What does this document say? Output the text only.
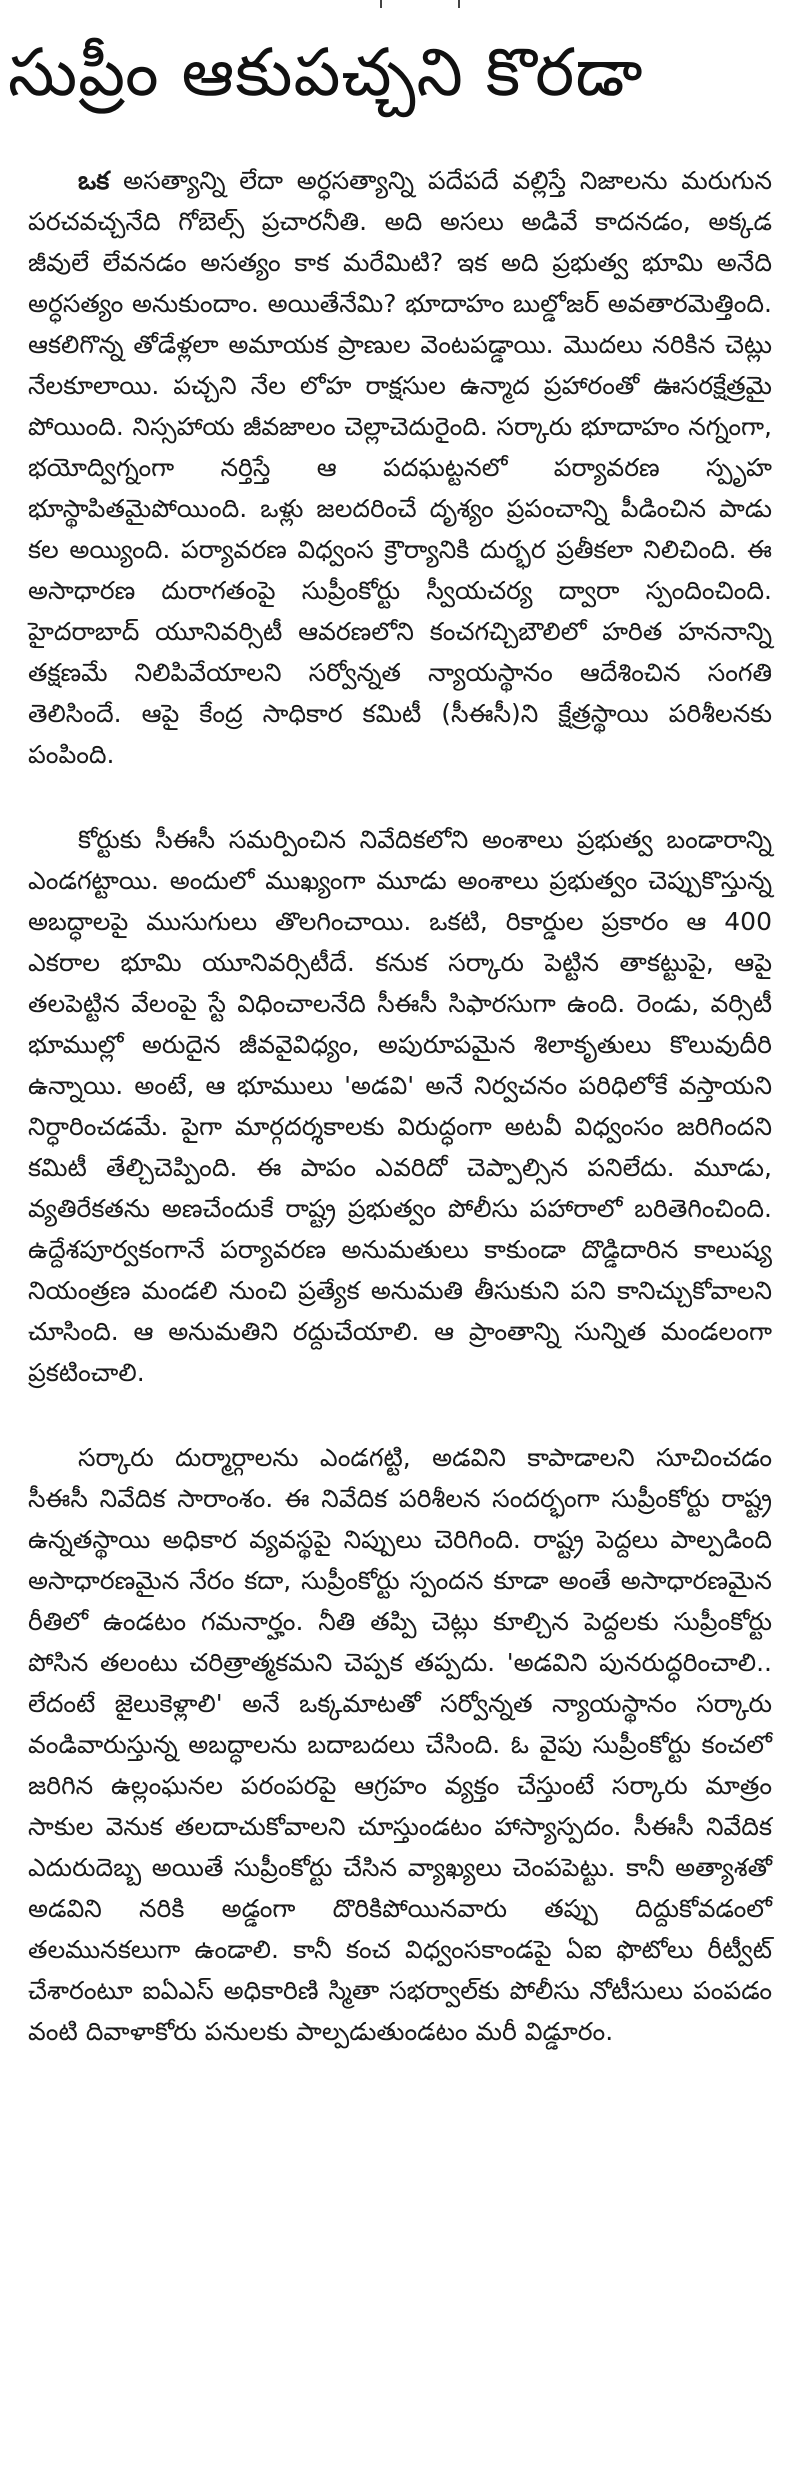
సుప్రీం ఆకుపచ్చని కొరడా

ఒక అసత్యాన్ని లేదా అర్ధసత్యాన్ని పదేపదే వల్లిస్తే నిజాలను మరుగున పరచవచ్చనేది గోబెల్స్ ప్రచారనీతి. అది అసలు అడివే కాదనడం, అక్కడ జీవులే లేవనడం అసత్యం కాక మరేమిటి? ఇక అది ప్రభుత్వ భూమి అనేది అర్ధసత్యం అనుకుందాం. అయితేనేమి? భూదాహం బుల్డోజర్ అవతారమెత్తింది. ఆకలిగొన్న తోడేళ్లలా అమాయక ప్రాణుల వెంటపడ్డాయి. మొదలు నరికిన చెట్లు నేలకూలాయి. పచ్చని నేల లోహ రాక్షసుల ఉన్మాద ప్రహారంతో ఊసరక్షేత్రమై పోయింది. నిస్సహాయ జీవజాలం చెల్లాచెదురైంది. సర్కారు భూదాహం నగ్నంగా, భయోద్విగ్నంగా నర్తిస్తే ఆ పదఘట్టనలో పర్యావరణ స్పృహ భూస్థాపితమైపోయింది. ఒళ్లు జలదరించే దృశ్యం ప్రపంచాన్ని పీడించిన పాడు కల అయ్యింది. పర్యావరణ విధ్వంస క్రౌర్యానికి దుర్భర ప్రతీకలా నిలిచింది. ఈ అసాధారణ దురాగతంపై సుప్రీంకోర్టు స్వీయచర్య ద్వారా స్పందించింది. హైదరాబాద్ యూనివర్సిటీ ఆవరణలోని కంచగచ్చిబౌలిలో హరిత హననాన్ని తక్షణమే నిలిపివేయాలని సర్వోన్నత న్యాయస్థానం ఆదేశించిన సంగతి తెలిసిందే. ఆపై కేంద్ర సాధికార కమిటీ (సీఈసీ)ని క్షేత్రస్థాయి పరిశీలనకు పంపింది.

కోర్టుకు సీఈసీ సమర్పించిన నివేదికలోని అంశాలు ప్రభుత్వ బండారాన్ని ఎండగట్టాయి. అందులో ముఖ్యంగా మూడు అంశాలు ప్రభుత్వం చెప్పుకొస్తున్న అబద్ధాలపై ముసుగులు తొలగించాయి. ఒకటి, రికార్డుల ప్రకారం ఆ 400 ఎకరాల భూమి యూనివర్సిటీదే. కనుక సర్కారు పెట్టిన తాకట్టుపై, ఆపై తలపెట్టిన వేలంపై స్టే విధించాలనేది సీఈసీ సిఫారసుగా ఉంది. రెండు, వర్సిటీ భూముల్లో అరుదైన జీవవైవిధ్యం, అపురూపమైన శిలాకృతులు కొలువుదీరి ఉన్నాయి. అంటే, ఆ భూములు 'అడవి' అనే నిర్వచనం పరిధిలోకే వస్తాయని నిర్ధారించడమే. పైగా మార్గదర్శకాలకు విరుద్ధంగా అటవీ విధ్వంసం జరిగిందని కమిటీ తేల్చిచెప్పింది. ఈ పాపం ఎవరిదో చెప్పాల్సిన పనిలేదు. మూడు, వ్యతిరేకతను అణచేందుకే రాష్ట్ర ప్రభుత్వం పోలీసు పహారాలో బరితెగించింది. ఉద్దేశపూర్వకంగానే పర్యావరణ అనుమతులు కాకుండా దొడ్డిదారిన కాలుష్య నియంత్రణ మండలి నుంచి ప్రత్యేక అనుమతి తీసుకుని పని కానిచ్చుకోవాలని చూసింది. ఆ అనుమతిని రద్దుచేయాలి. ఆ ప్రాంతాన్ని సున్నిత మండలంగా ప్రకటించాలి.

సర్కారు దుర్మార్గాలను ఎండగట్టి, అడవిని కాపాడాలని సూచించడం సీఈసీ నివేదిక సారాంశం. ఈ నివేదిక పరిశీలన సందర్భంగా సుప్రీంకోర్టు రాష్ట్ర ఉన్నతస్థాయి అధికార వ్యవస్థపై నిప్పులు చెరిగింది. రాష్ట్ర పెద్దలు పాల్పడింది అసాధారణమైన నేరం కదా, సుప్రీంకోర్టు స్పందన కూడా అంతే అసాధారణమైన రీతిలో ఉండటం గమనార్హం. నీతి తప్పి చెట్లు కూల్చిన పెద్దలకు సుప్రీంకోర్టు పోసిన తలంటు చరిత్రాత్మకమని చెప్పక తప్పదు. 'అడవిని పునరుద్ధరించాలి.. లేదంటే జైలుకెళ్లాలి' అనే ఒక్కమాటతో సర్వోన్నత న్యాయస్థానం సర్కారు వండివారుస్తున్న అబద్ధాలను బదాబదలు చేసింది. ఓ వైపు సుప్రీంకోర్టు కంచలో జరిగిన ఉల్లంఘనల పరంపరపై ఆగ్రహం వ్యక్తం చేస్తుంటే సర్కారు మాత్రం సాకుల వెనుక తలదాచుకోవాలని చూస్తుండటం హాస్యాస్పదం. సీఈసీ నివేదిక ఎదురుదెబ్బ అయితే సుప్రీంకోర్టు చేసిన వ్యాఖ్యలు చెంపపెట్టు. కానీ అత్యాశతో అడవిని నరికి అడ్డంగా దొరికిపోయినవారు తప్పు దిద్దుకోవడంలో తలమునకలుగా ఉండాలి. కానీ కంచ విధ్వంసకాండపై ఏఐ ఫొటోలు రీట్వీట్ చేశారంటూ ఐఏఎస్ అధికారిణి స్మితా సభర్వాల్‌కు పోలీసు నోటీసులు పంపడం వంటి దివాళాకోరు పనులకు పాల్పడుతుండటం మరీ విడ్డూరం.
